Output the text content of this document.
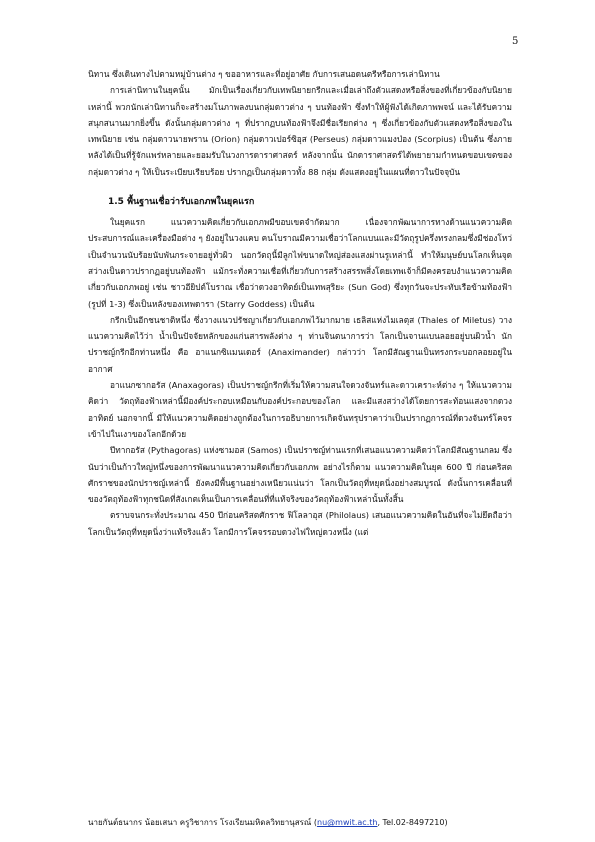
5

นิทาน ซึ่งเดินทางไปตามหมู่บ้านต่าง ๆ ขออาหารและที่อยู่อาศัย กับการเสนอดนตรีหรือการเล่านิทาน

การเล่านิทานในยุคนั้น มักเป็นเรื่องเกี่ยวกับเทพนิยายกรีกและเมื่อเล่าถึงตัวแสดงหรือสิ่งของที่เกี่ยวข้องกับนิยายเหล่านี้ พวกนักเล่านิทานก็จะสร้างมโนภาพลงบนกลุ่มดาวต่าง ๆ บนท้องฟ้า ซึ่งทำให้ผู้ฟังได้เกิดภาพพจน์ และได้รับความสนุกสนานมากยิ่งขึ้น ดังนั้นกลุ่มดาวต่าง ๆ ที่ปรากฏบนท้องฟ้าจึงมีชื่อเรียกต่าง ๆ ซึ่งเกี่ยวข้องกับตัวแสดงหรือสิ่งของในเทพนิยาย เช่น กลุ่มดาวนายพราน (Orion) กลุ่มดาวเปอร์ซิอุส (Perseus) กลุ่มดาวแมงป่อง (Scorpius) เป็นต้น ซึ่งภายหลังได้เป็นที่รู้จักแพร่หลายและยอมรับในวงการดาราศาสตร์ หลังจากนั้น นักดาราศาสตร์ได้พยายามกำหนดขอบเขตของกลุ่มดาวต่าง ๆ ให้เป็นระเบียบเรียบร้อย ปรากฏเป็นกลุ่มดาวทั้ง 88 กลุ่ม ดังแสดงอยู่ในแผนที่ดาวในปัจจุบัน

1.5 พื้นฐานเชื่อว่ารับเอกภพในยุคแรก

ในยุคแรก แนวความคิดเกี่ยวกับเอกภพมีขอบเขตจำกัดมาก เนื่องจากพัฒนาการทางด้านแนวความคิด ประสบการณ์และเครื่องมือต่าง ๆ ยังอยู่ในวงแคบ คนโบราณมีความเชื่อว่าโลกแบนและมีวัตถุรูปครึ่งทรงกลมซึ่งมีช่องโหว่เป็นจำนวนนับร้อยนับพันกระจายอยู่ทั่วผิว นอกวัตถุนี้มีลูกไฟขนาดใหญ่ส่องแสงผ่านรูเหล่านี้ ทำให้มนุษย์บนโลกเห็นจุดสว่างเป็นดาวปรากฏอยู่บนท้องฟ้า แม้กระทั่งความเชื่อที่เกี่ยวกับการสร้างสรรพสิ่งโดยเทพเจ้าก็มีคงครอบงำแนวความคิดเกี่ยวกับเอกภพอยู่ เช่น ชาวอียิปต์โบราณ เชื่อว่าดวงอาทิตย์เป็นเทพสุริยะ (Sun God) ซึ่งทุกวันจะประทับเรือข้ามท้องฟ้า (รูปที่ 1-3) ซึ่งเป็นหลังของเทพดารา (Starry Goddess) เป็นต้น

กรีกเป็นอีกชนชาติหนึ่ง ซึ่งวางแนวปรัชญาเกี่ยวกับเอกภพไว้มากมาย เธลิสแห่งไมเลตุส (Thales of Miletus) วางแนวความคิดไว้ว่า น้ำเป็นปัจจัยหลักของแก่นสารพลังต่าง ๆ ท่านจินตนาการว่า โลกเป็นจานแบนลอยอยู่บนผิวน้ำ นักปราชญ์กรีกอีกท่านหนึ่ง คือ อาแนกซิแมนเดอร์ (Anaximander) กล่าวว่า โลกมีสัณฐานเป็นทรงกระบอกลอยอยู่ในอากาศ

อาแนกซากอรัส (Anaxagoras) เป็นปราชญ์กรีกที่เริ่มให้ความสนใจดวงจันทร์และดาวเคราะห์ต่าง ๆ ให้แนวความคิดว่า วัตถุท้องฟ้าเหล่านี้มีองค์ประกอบเหมือนกับองค์ประกอบของโลก และมีแสงสว่างได้โดยการสะท้อนแสงจากดวงอาทิตย์ นอกจากนี้ มีให้แนวความคิดอย่างถูกต้องในการอธิบายการเกิดจันทรุปราคาว่าเป็นปรากฏการณ์ที่ดวงจันทร์โคจรเข้าไปในเงาของโลกอีกด้วย

ปีทากอรัส (Pythagoras) แห่งซามอส (Samos) เป็นปราชญ์ท่านแรกที่เสนอแนวความคิดว่าโลกมีสัณฐานกลม ซึ่งนับว่าเป็นก้าวใหญ่หนึ่งของการพัฒนาแนวความคิดเกี่ยวกับเอกภพ อย่างไรก็ตาม แนวความคิดในยุค 600 ปี ก่อนคริสตศักราชของนักปราชญ์เหล่านี้ ยังคงมีพื้นฐานอย่างเหนียวแน่นว่า โลกเป็นวัตถุที่หยุดนิ่งอย่างสมบูรณ์ ดังนั้นการเคลื่อนที่ของวัตถุท้องฟ้าทุกชนิดที่สังเกตเห็นเป็นการเคลื่อนที่ที่แท้จริงของวัตถุท้องฟ้าเหล่านั้นทั้งสิ้น

ตราบจนกระทั่งประมาณ 450 ปีก่อนคริสตศักราช ฟิโลลาอุส (Philolaus) เสนอแนวความคิดในอันที่จะไม่ยึดถือว่า โลกเป็นวัตถุที่หยุดนิ่งว่าแท้จริงแล้ว โลกมีการโคจรรอบดวงไฟใหญ่ดวงหนึ่ง (แต่

นายกันต์ธนากร น้อยเสนา ครูวิชาการ โรงเรียนมหิดลวิทยานุสรณ์ (nu@mwit.ac.th, Tel.02-8497210)
